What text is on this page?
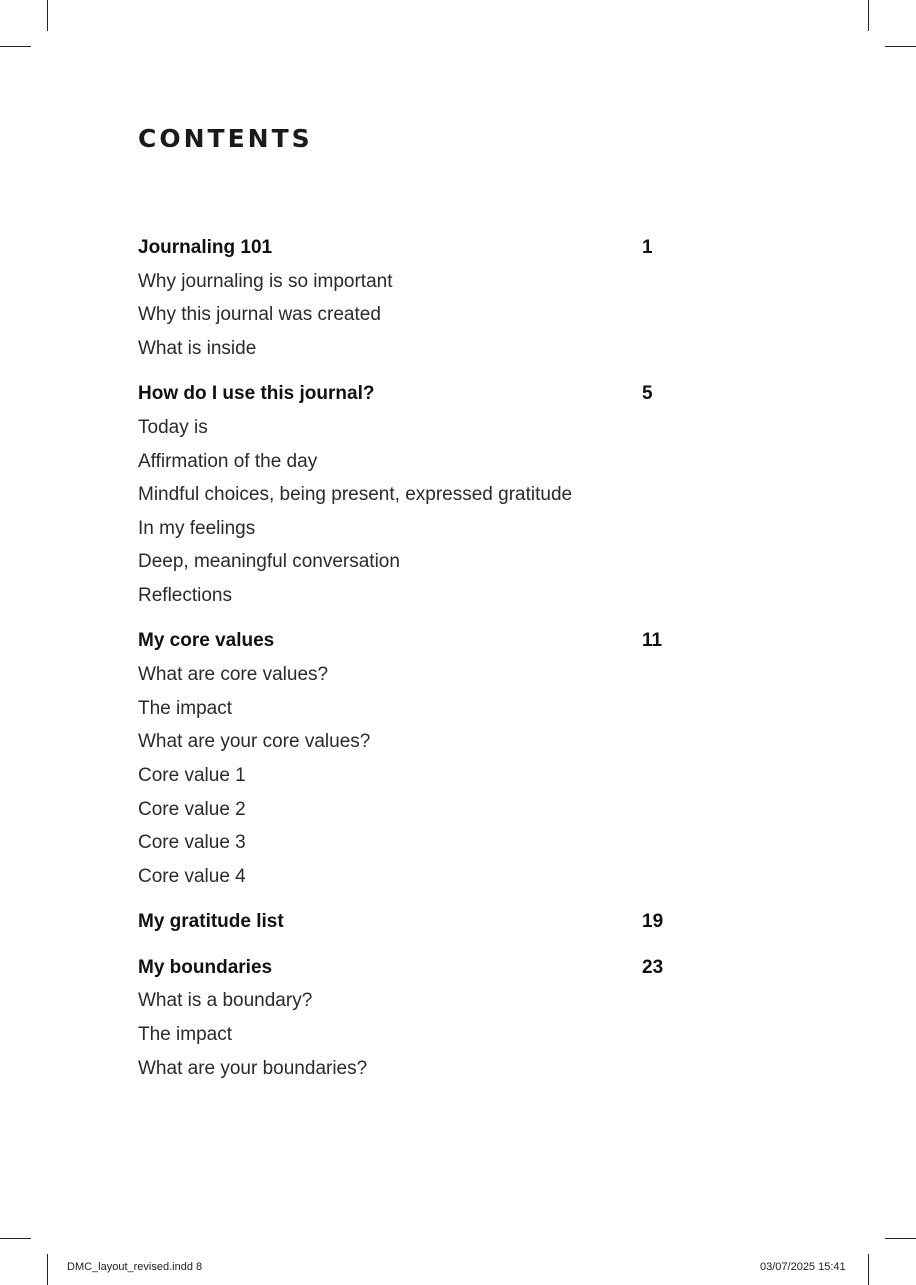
CONTENTS
Journaling 101	1
Why journaling is so important
Why this journal was created
What is inside
How do I use this journal?	5
Today is
Affirmation of the day
Mindful choices, being present, expressed gratitude
In my feelings
Deep, meaningful conversation
Reflections
My core values	11
What are core values?
The impact
What are your core values?
Core value 1
Core value 2
Core value 3
Core value 4
My gratitude list	19
My boundaries	23
What is a boundary?
The impact
What are your boundaries?
DMC_layout_revised.indd 8	03/07/2025 15:41
